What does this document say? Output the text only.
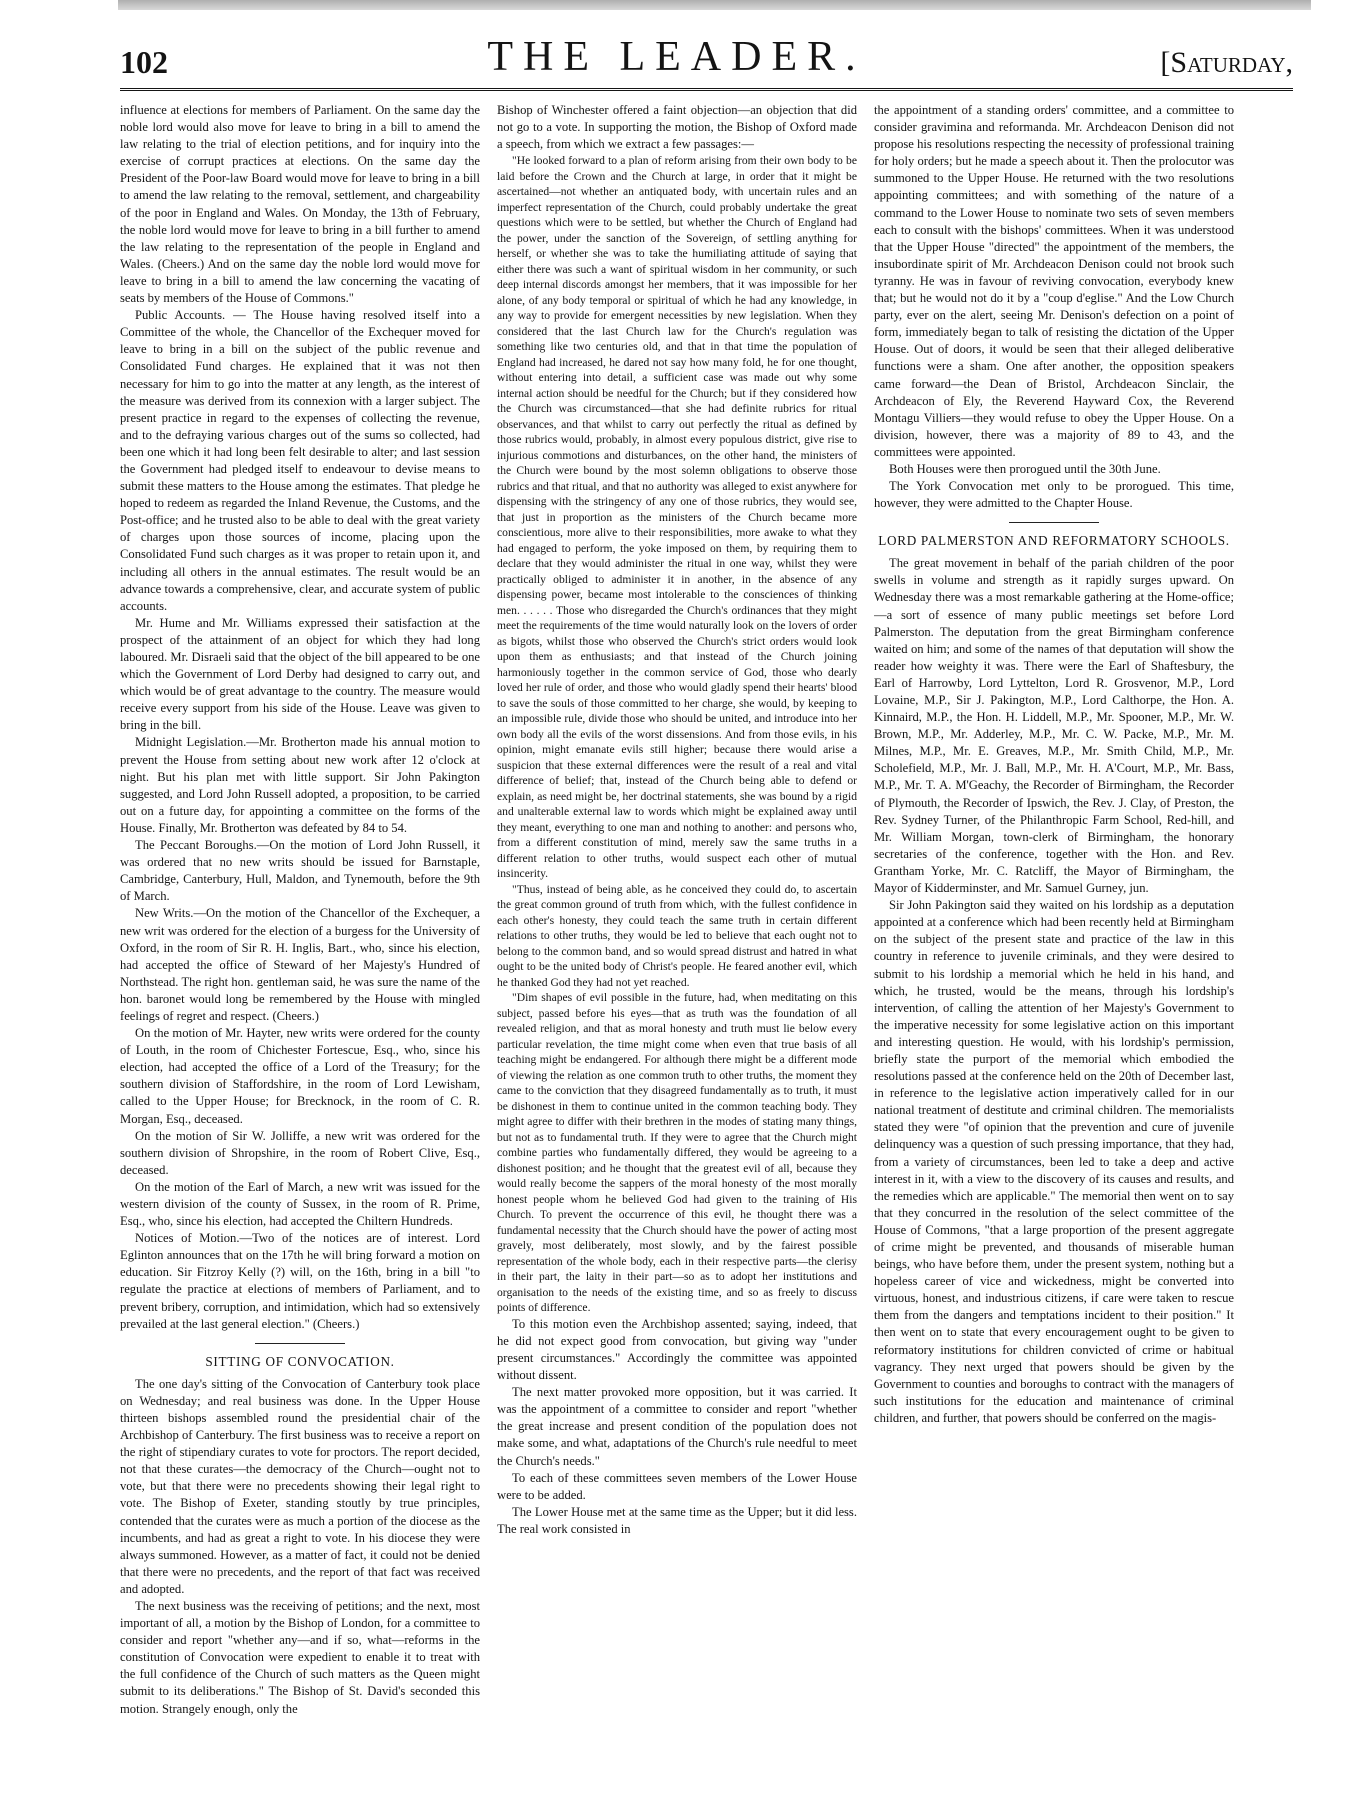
102	THE LEADER.	[Saturday,

influence at elections for members of Parliament. On the same day the noble lord would also move for leave to bring in a bill to amend the law relating to the trial of election petitions, and for inquiry into the exercise of corrupt practices at elections. On the same day the President of the Poor-law Board would move for leave to bring in a bill to amend the law relating to the removal, settlement, and chargeability of the poor in England and Wales. On Monday, the 13th of February, the noble lord would move for leave to bring in a bill further to amend the law relating to the representation of the people in England and Wales. (Cheers.) And on the same day the noble lord would move for leave to bring in a bill to amend the law concerning the vacating of seats by members of the House of Commons."

Public Accounts. — The House having resolved itself into a Committee of the whole, the Chancellor of the Exchequer moved for leave to bring in a bill on the subject of the public revenue and Consolidated Fund charges. He explained that it was not then necessary for him to go into the matter at any length, as the interest of the measure was derived from its connexion with a larger subject. The present practice in regard to the expenses of collecting the revenue, and to the defraying various charges out of the sums so collected, had been one which it had long been felt desirable to alter; and last session the Government had pledged itself to endeavour to devise means to submit these matters to the House among the estimates. That pledge he hoped to redeem as regarded the Inland Revenue, the Customs, and the Post-office; and he trusted also to be able to deal with the great variety of charges upon those sources of income, placing upon the Consolidated Fund such charges as it was proper to retain upon it, and including all others in the annual estimates. The result would be an advance towards a comprehensive, clear, and accurate system of public accounts.

Mr. Hume and Mr. Williams expressed their satisfaction at the prospect of the attainment of an object for which they had long laboured. Mr. Disraeli said that the object of the bill appeared to be one which the Government of Lord Derby had designed to carry out, and which would be of great advantage to the country. The measure would receive every support from his side of the House. Leave was given to bring in the bill.

Midnight Legislation.—Mr. Brotherton made his annual motion to prevent the House from setting about new work after 12 o'clock at night. But his plan met with little support. Sir John Pakington suggested, and Lord John Russell adopted, a proposition, to be carried out on a future day, for appointing a committee on the forms of the House. Finally, Mr. Brotherton was defeated by 84 to 54.

The Peccant Boroughs.—On the motion of Lord John Russell, it was ordered that no new writs should be issued for Barnstaple, Cambridge, Canterbury, Hull, Maldon, and Tynemouth, before the 9th of March.

New Writs.—On the motion of the Chancellor of the Exchequer, a new writ was ordered for the election of a burgess for the University of Oxford, in the room of Sir R. H. Inglis, Bart., who, since his election, had accepted the office of Steward of her Majesty's Hundred of Northstead. The right hon. gentleman said, he was sure the name of the hon. baronet would long be remembered by the House with mingled feelings of regret and respect. (Cheers.)

On the motion of Mr. Hayter, new writs were ordered for the county of Louth, in the room of Chichester Fortescue, Esq., who, since his election, had accepted the office of a Lord of the Treasury; for the southern division of Staffordshire, in the room of Lord Lewisham, called to the Upper House; for Brecknock, in the room of C. R. Morgan, Esq., deceased.

On the motion of Sir W. Jolliffe, a new writ was ordered for the southern division of Shropshire, in the room of Robert Clive, Esq., deceased.

On the motion of the Earl of March, a new writ was issued for the western division of the county of Sussex, in the room of R. Prime, Esq., who, since his election, had accepted the Chiltern Hundreds.

Notices of Motion.—Two of the notices are of interest. Lord Eglinton announces that on the 17th he will bring forward a motion on education. Sir Fitzroy Kelly (?) will, on the 16th, bring in a bill "to regulate the practice at elections of members of Parliament, and to prevent bribery, corruption, and intimidation, which had so extensively prevailed at the last general election." (Cheers.)

SITTING OF CONVOCATION.

The one day's sitting of the Convocation of Canterbury took place on Wednesday; and real business was done. In the Upper House thirteen bishops assembled round the presidential chair of the Archbishop of Canterbury. The first business was to receive a report on the right of stipendiary curates to vote for proctors. The report decided, not that these curates—the democracy of the Church—ought not to vote, but that there were no precedents showing their legal right to vote. The Bishop of Exeter, standing stoutly by true principles, contended that the curates were as much a portion of the diocese as the incumbents, and had as great a right to vote. In his diocese they were always summoned. However, as a matter of fact, it could not be denied that there were no precedents, and the report of that fact was received and adopted.

The next business was the receiving of petitions; and the next, most important of all, a motion by the Bishop of London, for a committee to consider and report "whether any—and if so, what—reforms in the constitution of Convocation were expedient to enable it to treat with the full confidence of the Church of such matters as the Queen might submit to its deliberations." The Bishop of St. David's seconded this motion. Strangely enough, only the

Bishop of Winchester offered a faint objection—an objection that did not go to a vote. In supporting the motion, the Bishop of Oxford made a speech, from which we extract a few passages:—

"He looked forward to a plan of reform arising from their own body to be laid before the Crown and the Church at large, in order that it might be ascertained—not whether an antiquated body, with uncertain rules and an imperfect representation of the Church, could probably undertake the great questions which were to be settled, but whether the Church of England had the power, under the sanction of the Sovereign, of settling anything for herself, or whether she was to take the humiliating attitude of saying that either there was such a want of spiritual wisdom in her community, or such deep internal discords amongst her members, that it was impossible for her alone, of any body temporal or spiritual of which he had any knowledge, in any way to provide for emergent necessities by new legislation. When they considered that the last Church law for the Church's regulation was something like two centuries old, and that in that time the population of England had increased, he dared not say how many fold, he for one thought, without entering into detail, a sufficient case was made out why some internal action should be needful for the Church; but if they considered how the Church was circumstanced—that she had definite rubrics for ritual observances, and that whilst to carry out perfectly the ritual as defined by those rubrics would, probably, in almost every populous district, give rise to injurious commotions and disturbances, on the other hand, the ministers of the Church were bound by the most solemn obligations to observe those rubrics and that ritual, and that no authority was alleged to exist anywhere for dispensing with the stringency of any one of those rubrics, they would see, that just in proportion as the ministers of the Church became more conscientious, more alive to their responsibilities, more awake to what they had engaged to perform, the yoke imposed on them, by requiring them to declare that they would administer the ritual in one way, whilst they were practically obliged to administer it in another, in the absence of any dispensing power, became most intolerable to the consciences of thinking men. . . . . . Those who disregarded the Church's ordinances that they might meet the requirements of the time would naturally look on the lovers of order as bigots, whilst those who observed the Church's strict orders would look upon them as enthusiasts; and that instead of the Church joining harmoniously together in the common service of God, those who dearly loved her rule of order, and those who would gladly spend their hearts' blood to save the souls of those committed to her charge, she would, by keeping to an impossible rule, divide those who should be united, and introduce into her own body all the evils of the worst dissensions. And from those evils, in his opinion, might emanate evils still higher; because there would arise a suspicion that these external differences were the result of a real and vital difference of belief; that, instead of the Church being able to defend or explain, as need might be, her doctrinal statements, she was bound by a rigid and unalterable external law to words which might be explained away until they meant, everything to one man and nothing to another: and persons who, from a different constitution of mind, merely saw the same truths in a different relation to other truths, would suspect each other of mutual insincerity.

"Thus, instead of being able, as he conceived they could do, to ascertain the great common ground of truth from which, with the fullest confidence in each other's honesty, they could teach the same truth in certain different relations to other truths, they would be led to believe that each ought not to belong to the common band, and so would spread distrust and hatred in what ought to be the united body of Christ's people. He feared another evil, which he thanked God they had not yet reached.

"Dim shapes of evil possible in the future, had, when meditating on this subject, passed before his eyes—that as truth was the foundation of all revealed religion, and that as moral honesty and truth must lie below every particular revelation, the time might come when even that true basis of all teaching might be endangered. For although there might be a different mode of viewing the relation as one common truth to other truths, the moment they came to the conviction that they disagreed fundamentally as to truth, it must be dishonest in them to continue united in the common teaching body. They might agree to differ with their brethren in the modes of stating many things, but not as to fundamental truth. If they were to agree that the Church might combine parties who fundamentally differed, they would be agreeing to a dishonest position; and he thought that the greatest evil of all, because they would really become the sappers of the moral honesty of the most morally honest people whom he believed God had given to the training of His Church. To prevent the occurrence of this evil, he thought there was a fundamental necessity that the Church should have the power of acting most gravely, most deliberately, most slowly, and by the fairest possible representation of the whole body, each in their respective parts—the clerisy in their part, the laity in their part—so as to adopt her institutions and organisation to the needs of the existing time, and so as freely to discuss points of difference.

To this motion even the Archbishop assented; saying, indeed, that he did not expect good from convocation, but giving way "under present circumstances." Accordingly the committee was appointed without dissent.

The next matter provoked more opposition, but it was carried. It was the appointment of a committee to consider and report "whether the great increase and present condition of the population does not make some, and what, adaptations of the Church's rule needful to meet the Church's needs."

To each of these committees seven members of the Lower House were to be added.

The Lower House met at the same time as the Upper; but it did less. The real work consisted in

the appointment of a standing orders' committee, and a committee to consider gravimina and reformanda. Mr. Archdeacon Denison did not propose his resolutions respecting the necessity of professional training for holy orders; but he made a speech about it. Then the prolocutor was summoned to the Upper House. He returned with the two resolutions appointing committees; and with something of the nature of a command to the Lower House to nominate two sets of seven members each to consult with the bishops' committees. When it was understood that the Upper House "directed" the appointment of the members, the insubordinate spirit of Mr. Archdeacon Denison could not brook such tyranny. He was in favour of reviving convocation, everybody knew that; but he would not do it by a "coup d'eglise." And the Low Church party, ever on the alert, seeing Mr. Denison's defection on a point of form, immediately began to talk of resisting the dictation of the Upper House. Out of doors, it would be seen that their alleged deliberative functions were a sham. One after another, the opposition speakers came forward—the Dean of Bristol, Archdeacon Sinclair, the Archdeacon of Ely, the Reverend Hayward Cox, the Reverend Montagu Villiers—they would refuse to obey the Upper House. On a division, however, there was a majority of 89 to 43, and the committees were appointed.

Both Houses were then prorogued until the 30th June.

The York Convocation met only to be prorogued. This time, however, they were admitted to the Chapter House.

LORD PALMERSTON AND REFORMATORY SCHOOLS.

The great movement in behalf of the pariah children of the poor swells in volume and strength as it rapidly surges upward. On Wednesday there was a most remarkable gathering at the Home-office;—a sort of essence of many public meetings set before Lord Palmerston. The deputation from the great Birmingham conference waited on him; and some of the names of that deputation will show the reader how weighty it was. There were the Earl of Shaftesbury, the Earl of Harrowby, Lord Lyttelton, Lord R. Grosvenor, M.P., Lord Lovaine, M.P., Sir J. Pakington, M.P., Lord Calthorpe, the Hon. A. Kinnaird, M.P., the Hon. H. Liddell, M.P., Mr. Spooner, M.P., Mr. W. Brown, M.P., Mr. Adderley, M.P., Mr. C. W. Packe, M.P., Mr. M. Milnes, M.P., Mr. E. Greaves, M.P., Mr. Smith Child, M.P., Mr. Scholefield, M.P., Mr. J. Ball, M.P., Mr. H. A'Court, M.P., Mr. Bass, M.P., Mr. T. A. M'Geachy, the Recorder of Birmingham, the Recorder of Plymouth, the Recorder of Ipswich, the Rev. J. Clay, of Preston, the Rev. Sydney Turner, of the Philanthropic Farm School, Red-hill, and Mr. William Morgan, town-clerk of Birmingham, the honorary secretaries of the conference, together with the Hon. and Rev. Grantham Yorke, Mr. C. Ratcliff, the Mayor of Birmingham, the Mayor of Kidderminster, and Mr. Samuel Gurney, jun.

Sir John Pakington said they waited on his lordship as a deputation appointed at a conference which had been recently held at Birmingham on the subject of the present state and practice of the law in this country in reference to juvenile criminals, and they were desired to submit to his lordship a memorial which he held in his hand, and which, he trusted, would be the means, through his lordship's intervention, of calling the attention of her Majesty's Government to the imperative necessity for some legislative action on this important and interesting question. He would, with his lordship's permission, briefly state the purport of the memorial which embodied the resolutions passed at the conference held on the 20th of December last, in reference to the legislative action imperatively called for in our national treatment of destitute and criminal children. The memorialists stated they were "of opinion that the prevention and cure of juvenile delinquency was a question of such pressing importance, that they had, from a variety of circumstances, been led to take a deep and active interest in it, with a view to the discovery of its causes and results, and the remedies which are applicable." The memorial then went on to say that they concurred in the resolution of the select committee of the House of Commons, "that a large proportion of the present aggregate of crime might be prevented, and thousands of miserable human beings, who have before them, under the present system, nothing but a hopeless career of vice and wickedness, might be converted into virtuous, honest, and industrious citizens, if care were taken to rescue them from the dangers and temptations incident to their position." It then went on to state that every encouragement ought to be given to reformatory institutions for children convicted of crime or habitual vagrancy. They next urged that powers should be given by the Government to counties and boroughs to contract with the managers of such institutions for the education and maintenance of criminal children, and further, that powers should be conferred on the magis-
